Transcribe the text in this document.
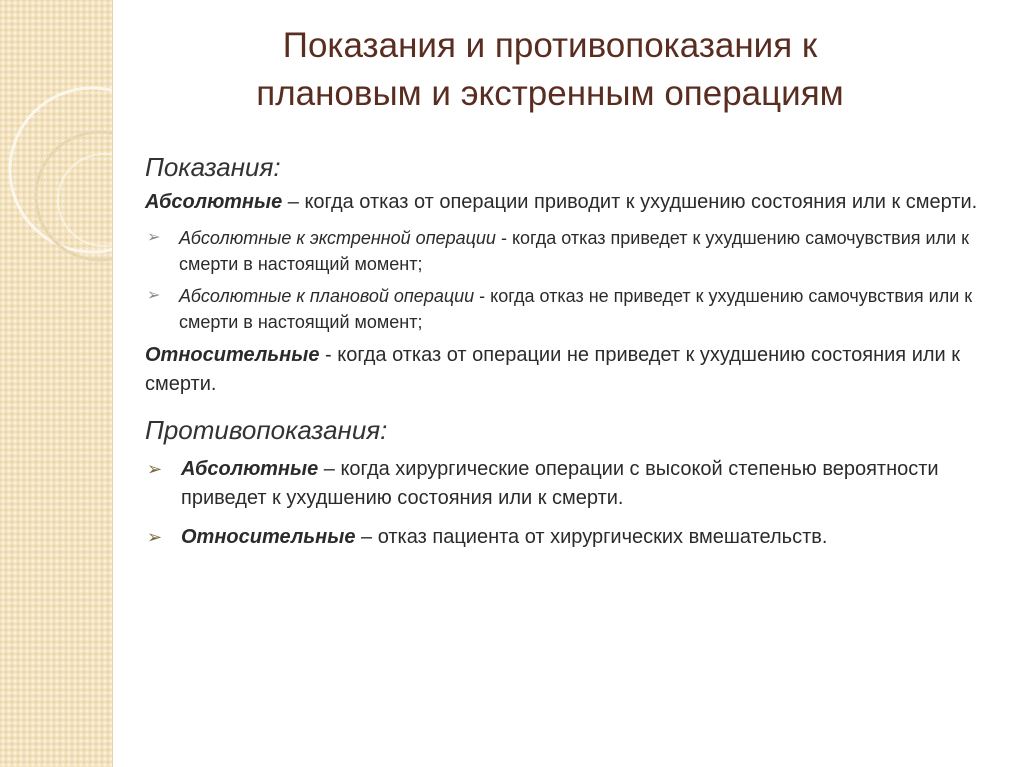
Показания и противопоказания к
плановым и экстренным операциям

Показания:

Абсолютные – когда отказ от операции приводит к ухудшению состояния или к смерти.

➢ Абсолютные к экстренной операции - когда отказ приведет к ухудшению самочувствия или к смерти в настоящий момент;
➢ Абсолютные к плановой операции - когда отказ не приведет к ухудшению самочувствия или к смерти в настоящий момент;

Относительные - когда отказ от операции не приведет к ухудшению состояния или к смерти.

Противопоказания:

➢ Абсолютные – когда хирургические операции с высокой степенью вероятности приведет к ухудшению состояния или к смерти.
➢ Относительные – отказ пациента от хирургических вмешательств.
